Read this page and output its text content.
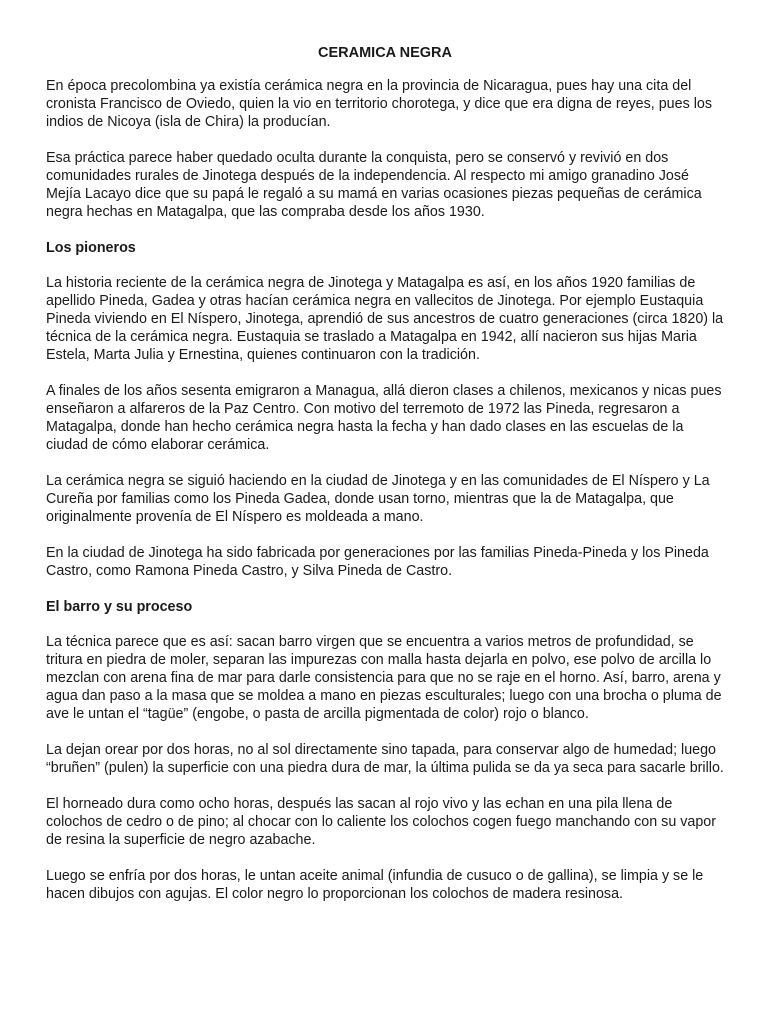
CERAMICA NEGRA

En época precolombina ya existía cerámica negra en la provincia de Nicaragua, pues hay una cita del cronista Francisco de Oviedo, quien la vio en territorio chorotega, y dice que era digna de reyes, pues los indios de Nicoya (isla de Chira) la producían.

Esa práctica parece haber quedado oculta durante la conquista, pero se conservó y revivió en dos comunidades rurales de Jinotega después de la independencia. Al respecto mi amigo granadino José Mejía Lacayo dice que su papá le regaló a su mamá en varias ocasiones piezas pequeñas de cerámica negra hechas en Matagalpa, que las compraba desde los años 1930.

Los pioneros

La historia reciente de la cerámica negra de Jinotega y Matagalpa es así, en los años 1920 familias de apellido Pineda, Gadea y otras hacían cerámica negra en vallecitos de Jinotega. Por ejemplo Eustaquia Pineda viviendo en El Níspero, Jinotega, aprendió de sus ancestros de cuatro generaciones (circa 1820) la técnica de la cerámica negra. Eustaquia se traslado a Matagalpa en 1942, allí nacieron sus hijas Maria Estela, Marta Julia y Ernestina, quienes continuaron con la tradición.

A finales de los años sesenta emigraron a Managua, allá dieron clases a chilenos, mexicanos y nicas pues enseñaron a alfareros de la Paz Centro. Con motivo del terremoto de 1972 las Pineda, regresaron a Matagalpa, donde han hecho cerámica negra hasta la fecha y han dado clases en las escuelas de la ciudad de cómo elaborar cerámica.

La cerámica negra se siguió haciendo en la ciudad de Jinotega y en las comunidades de El Níspero y La Cureña por familias como los Pineda Gadea, donde usan torno, mientras que la de Matagalpa, que originalmente provenía de El Níspero es moldeada a mano.

En la ciudad de Jinotega ha sido fabricada por generaciones por las familias Pineda-Pineda y los Pineda Castro, como Ramona Pineda Castro, y Silva Pineda de Castro.

El barro y su proceso

La técnica parece que es así: sacan barro virgen que se encuentra a varios metros de profundidad, se tritura en piedra de moler, separan las impurezas con malla hasta dejarla en polvo, ese polvo de arcilla lo mezclan con arena fina de mar para darle consistencia para que no se raje en el horno. Así, barro, arena y agua dan paso a la masa que se moldea a mano en piezas esculturales; luego con una brocha o pluma de ave le untan el “tagüe” (engobe, o pasta de arcilla pigmentada de color) rojo o blanco.

La dejan orear por dos horas, no al sol directamente sino tapada, para conservar algo de humedad; luego “bruñen” (pulen) la superficie con una piedra dura de mar, la última pulida se da ya seca para sacarle brillo.

El horneado dura como ocho horas, después las sacan al rojo vivo y las echan en una pila llena de colochos de cedro o de pino; al chocar con lo caliente los colochos cogen fuego manchando con su vapor de resina la superficie de negro azabache.

Luego se enfría por dos horas, le untan aceite animal (infundia de cusuco o de gallina), se limpia y se le hacen dibujos con agujas. El color negro lo proporcionan los colochos de madera resinosa.
